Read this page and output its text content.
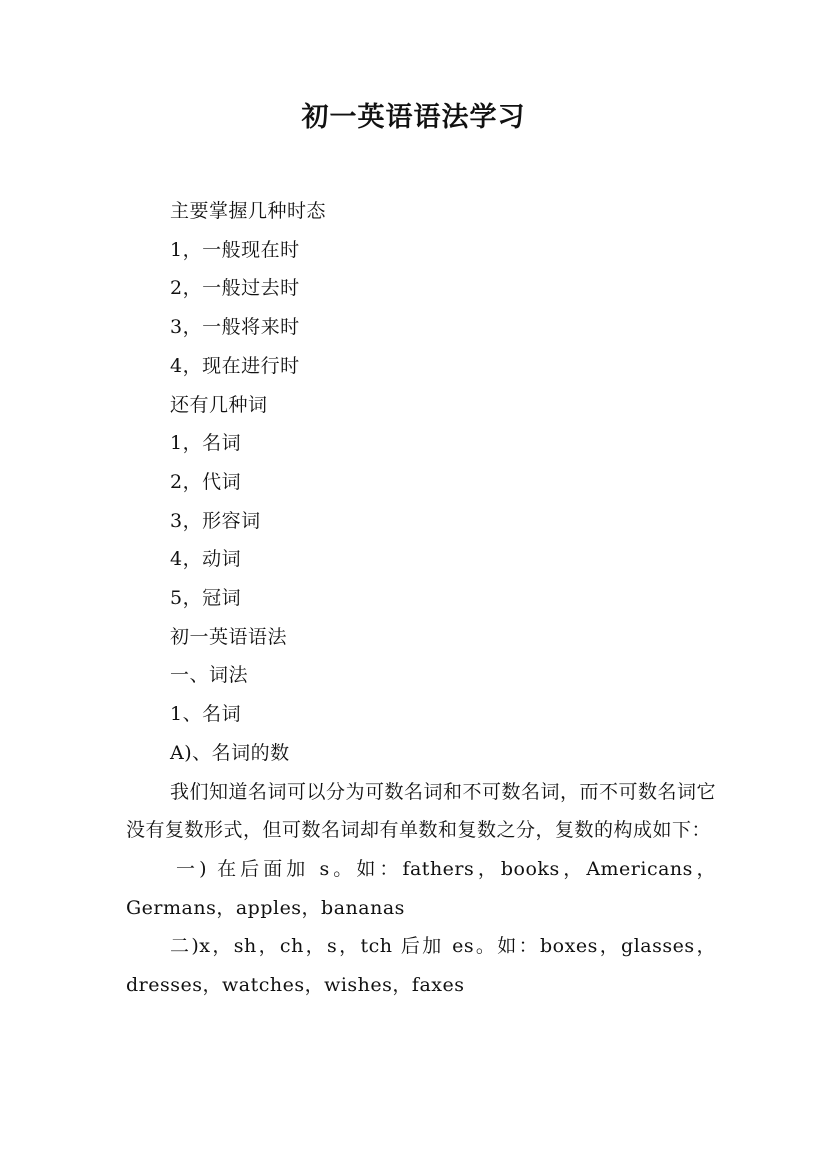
初一英语语法学习
主要掌握几种时态
1，一般现在时
2，一般过去时
3，一般将来时
4，现在进行时
还有几种词
1，名词
2，代词
3，形容词
4，动词
5，冠词
初一英语语法
一、词法
1、名词
A)、名词的数
我们知道名词可以分为可数名词和不可数名词，而不可数名词它没有复数形式，但可数名词却有单数和复数之分，复数的构成如下：
一) 在后面加 s。如：fathers，books，Americans，Germans，apples，bananas
二)x，sh，ch，s，tch 后加 es。如：boxes，glasses，dresses，watches，wishes，faxes
